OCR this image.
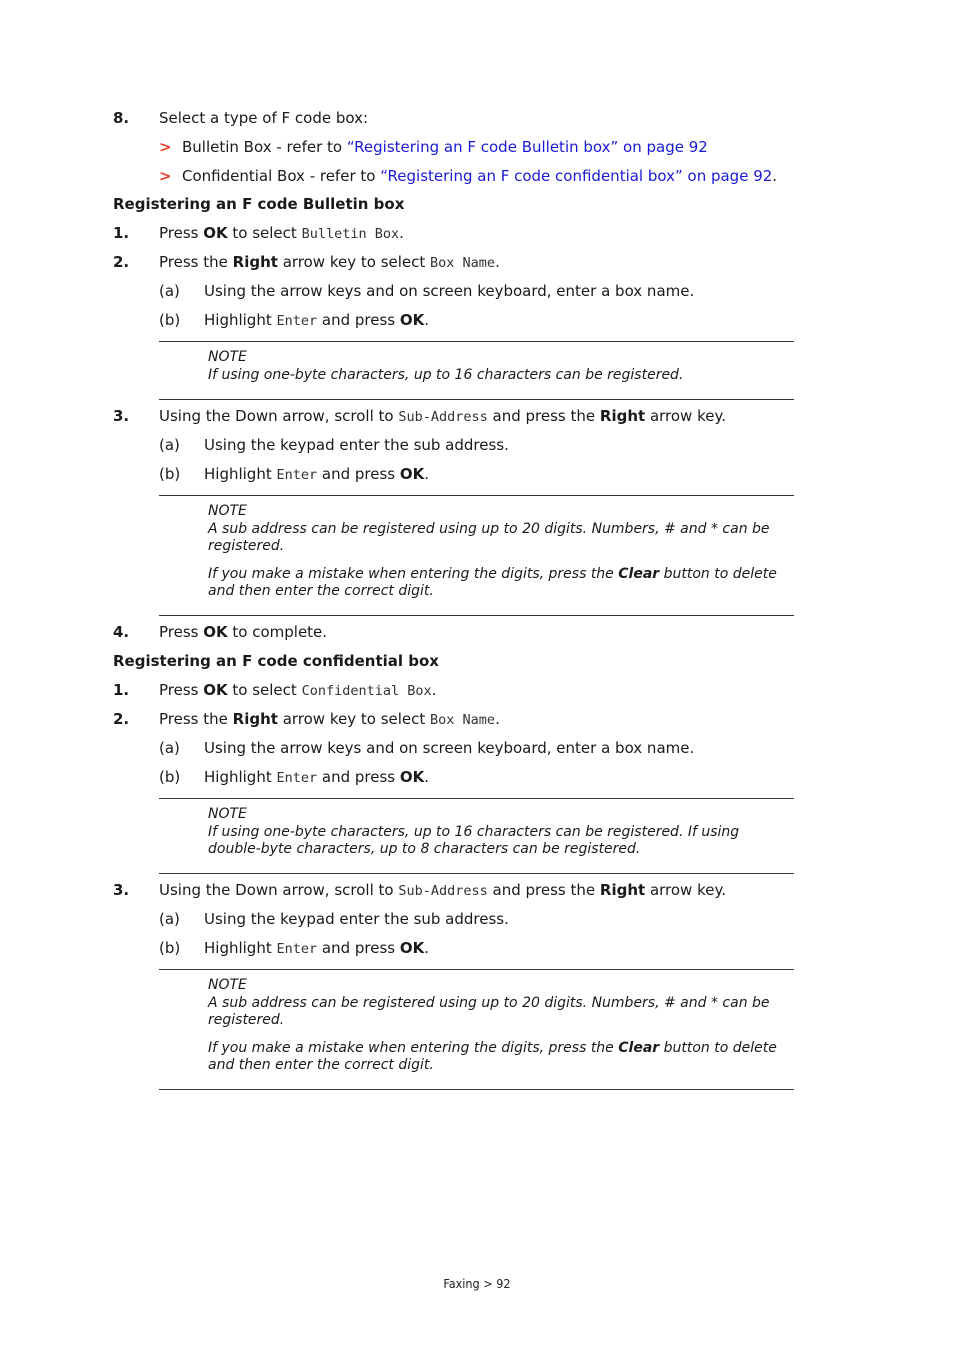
8. Select a type of F code box:
> Bulletin Box - refer to “Registering an F code Bulletin box” on page 92
> Confidential Box - refer to “Registering an F code confidential box” on page 92.
Registering an F code Bulletin box
1. Press OK to select Bulletin Box.
2. Press the Right arrow key to select Box Name.
(a) Using the arrow keys and on screen keyboard, enter a box name.
(b) Highlight Enter and press OK.
NOTE
If using one-byte characters, up to 16 characters can be registered.
3. Using the Down arrow, scroll to Sub-Address and press the Right arrow key.
(a) Using the keypad enter the sub address.
(b) Highlight Enter and press OK.
NOTE
A sub address can be registered using up to 20 digits. Numbers, # and * can be registered.
If you make a mistake when entering the digits, press the Clear button to delete and then enter the correct digit.
4. Press OK to complete.
Registering an F code confidential box
1. Press OK to select Confidential Box.
2. Press the Right arrow key to select Box Name.
(a) Using the arrow keys and on screen keyboard, enter a box name.
(b) Highlight Enter and press OK.
NOTE
If using one-byte characters, up to 16 characters can be registered. If using double-byte characters, up to 8 characters can be registered.
3. Using the Down arrow, scroll to Sub-Address and press the Right arrow key.
(a) Using the keypad enter the sub address.
(b) Highlight Enter and press OK.
NOTE
A sub address can be registered using up to 20 digits. Numbers, # and * can be registered.
If you make a mistake when entering the digits, press the Clear button to delete and then enter the correct digit.
Faxing > 92
